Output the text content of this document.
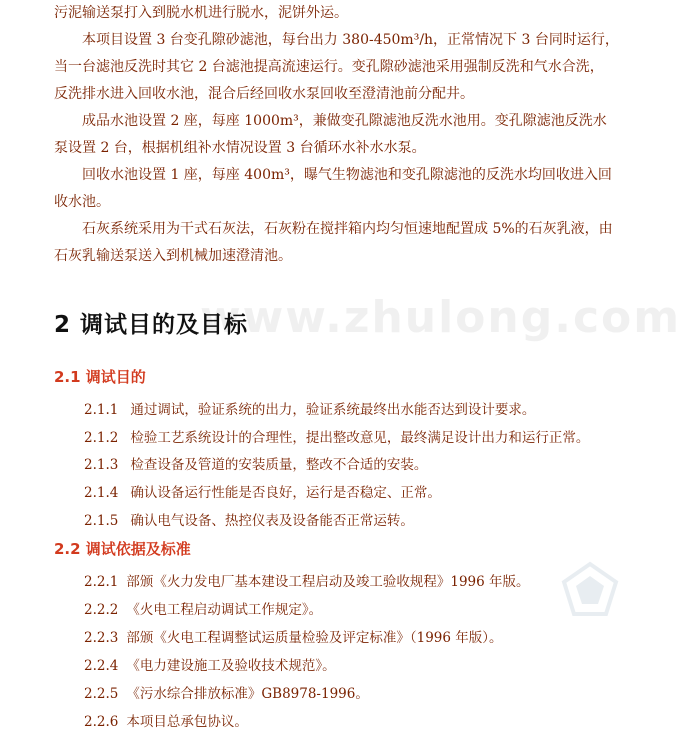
污泥输送泵打入到脱水机进行脱水，泥饼外运。
本项目设置 3 台变孔隙砂滤池，每台出力 380-450m³/h，正常情况下 3 台同时运行，
当一台滤池反洗时其它 2 台滤池提高流速运行。变孔隙砂滤池采用强制反洗和气水合洗，
反洗排水进入回收水池，混合后经回收水泵回收至澄清池前分配井。
成品水池设置 2 座，每座 1000m³，兼做变孔隙滤池反洗水池用。变孔隙滤池反洗水
泵设置 2 台，根据机组补水情况设置 3 台循环水补水水泵。
回收水池设置 1 座，每座 400m³，曝气生物滤池和变孔隙滤池的反洗水均回收进入回
收水池。
石灰系统采用为干式石灰法，石灰粉在搅拌箱内均匀恒速地配置成 5%的石灰乳液，由
石灰乳输送泵送入到机械加速澄清池。
www.zhulong.com
2 调试目的及目标
2.1 调试目的

2.1.1 通过调试，验证系统的出力，验证系统最终出水能否达到设计要求。

2.1.2 检验工艺系统设计的合理性，提出整改意见，最终满足设计出力和运行正常。

2.1.3 检查设备及管道的安装质量，整改不合适的安装。

2.1.4 确认设备运行性能是否良好，运行是否稳定、正常。

2.1.5 确认电气设备、热控仪表及设备能否正常运转。

2.2 调试依据及标准

2.2.1 部颁《火力发电厂基本建设工程启动及竣工验收规程》1996 年版。

2.2.2 《火电工程启动调试工作规定》。

2.2.3 部颁《火电工程调整试运质量检验及评定标准》（1996 年版）。

2.2.4 《电力建设施工及验收技术规范》。

2.2.5 《污水综合排放标准》GB8978-1996。

2.2.6 本项目总承包协议。
